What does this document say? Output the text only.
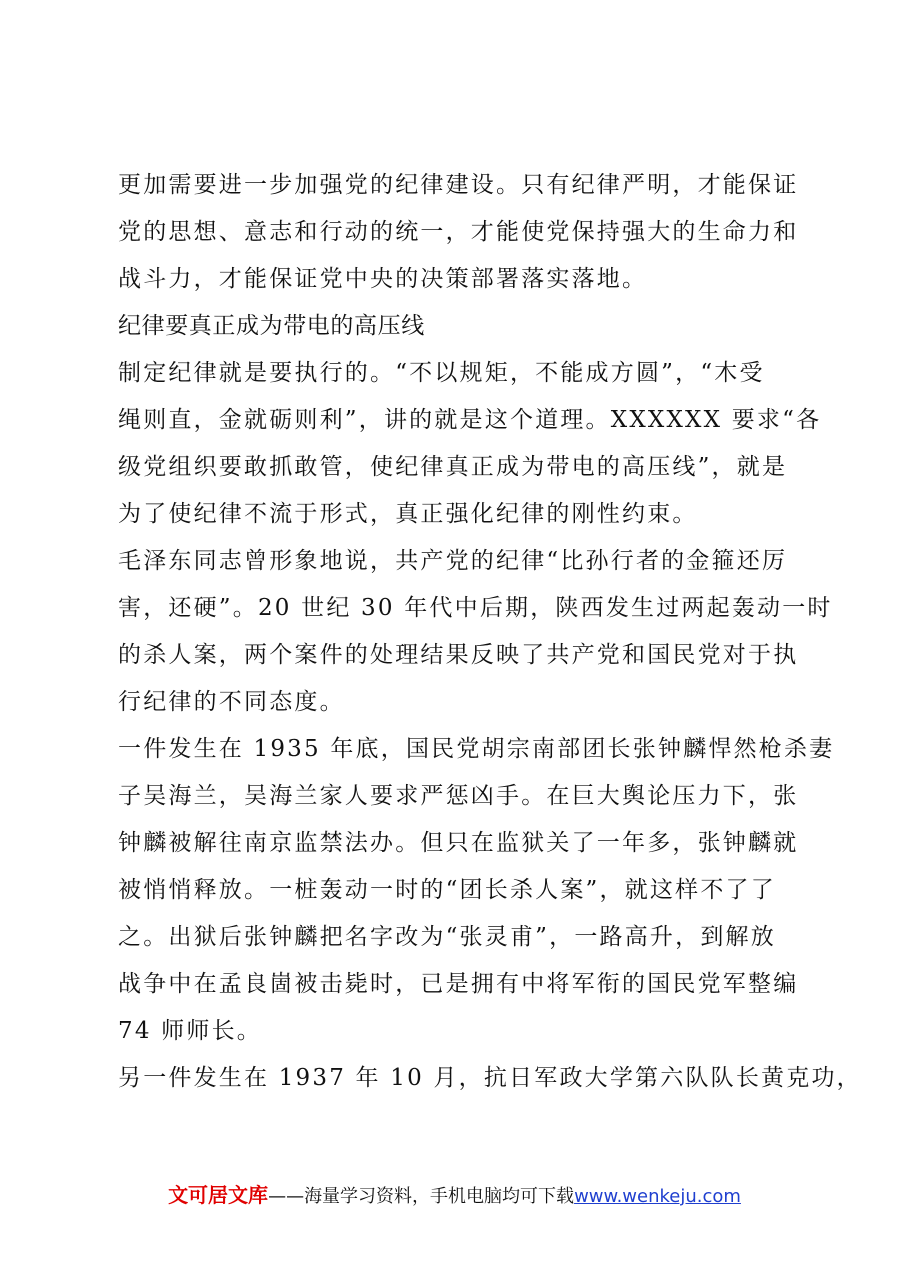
更加需要进一步加强党的纪律建设。只有纪律严明，才能保证
党的思想、意志和行动的统一，才能使党保持强大的生命力和
战斗力，才能保证党中央的决策部署落实落地。
纪律要真正成为带电的高压线
制定纪律就是要执行的。“不以规矩，不能成方圆”，“木受
绳则直，金就砺则利”，讲的就是这个道理。XXXXXX 要求“各
级党组织要敢抓敢管，使纪律真正成为带电的高压线”，就是
为了使纪律不流于形式，真正强化纪律的刚性约束。
毛泽东同志曾形象地说，共产党的纪律“比孙行者的金箍还厉
害，还硬”。20 世纪 30 年代中后期，陕西发生过两起轰动一时
的杀人案，两个案件的处理结果反映了共产党和国民党对于执
行纪律的不同态度。
一件发生在 1935 年底，国民党胡宗南部团长张钟麟悍然枪杀妻
子吴海兰，吴海兰家人要求严惩凶手。在巨大舆论压力下，张
钟麟被解往南京监禁法办。但只在监狱关了一年多，张钟麟就
被悄悄释放。一桩轰动一时的“团长杀人案”，就这样不了了
之。出狱后张钟麟把名字改为“张灵甫”，一路高升，到解放
战争中在孟良崮被击毙时，已是拥有中将军衔的国民党军整编
74 师师长。
另一件发生在 1937 年 10 月，抗日军政大学第六队队长黄克功，
文可居文库——海量学习资料，手机电脑均可下载www.wenkeju.com
